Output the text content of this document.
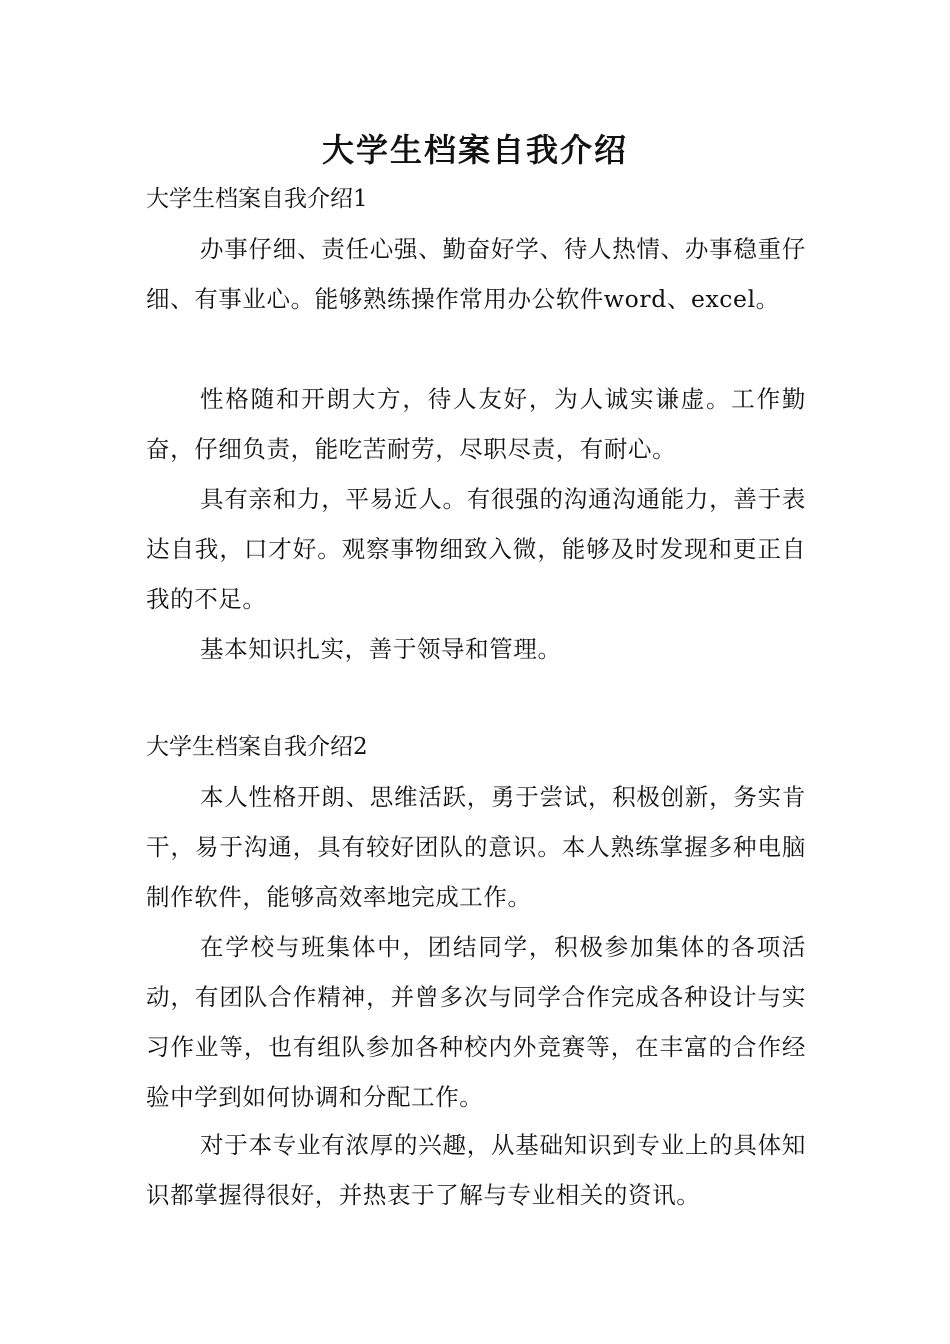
大学生档案自我介绍
大学生档案自我介绍1

办事仔细、责任心强、勤奋好学、待人热情、办事稳重仔细、有事业心。能够熟练操作常用办公软件word、excel。

性格随和开朗大方，待人友好，为人诚实谦虚。工作勤奋，仔细负责，能吃苦耐劳，尽职尽责，有耐心。

具有亲和力，平易近人。有很强的沟通沟通能力，善于表达自我，口才好。观察事物细致入微，能够及时发现和更正自我的不足。

基本知识扎实，善于领导和管理。

大学生档案自我介绍2

本人性格开朗、思维活跃，勇于尝试，积极创新，务实肯干，易于沟通，具有较好团队的意识。本人熟练掌握多种电脑制作软件，能够高效率地完成工作。

在学校与班集体中，团结同学，积极参加集体的各项活动，有团队合作精神，并曾多次与同学合作完成各种设计与实习作业等，也有组队参加各种校内外竞赛等，在丰富的合作经验中学到如何协调和分配工作。

对于本专业有浓厚的兴趣，从基础知识到专业上的具体知识都掌握得很好，并热衷于了解与专业相关的资讯。
